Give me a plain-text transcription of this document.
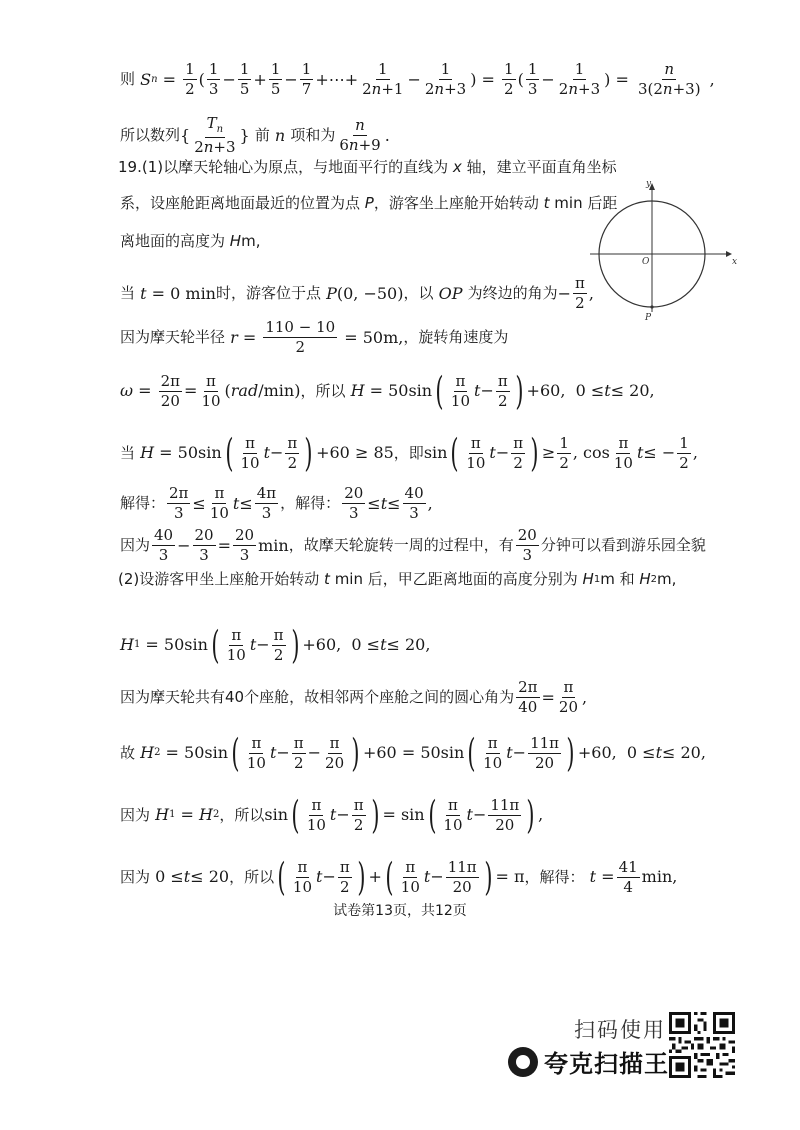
则
S $n = \frac{1}{2}$ ( $\frac{1}{3} - \frac{1}{5} + \frac{1}{5} - \frac{1}{7}$ +⋯+ $\frac{1}{2n+1} - \frac{1}{2n+3}$ ) = $\frac{1}{2}$ ( $\frac{1}{3} - \frac{1}{2n+3}$ ) = $\frac{n}{3(2n+3)}$ ,
所以数列 { $\frac{T_n}{2n+3}$ } 前
n
项和为 $\frac{n}{6n+9}$ .
19.(1)以摩天轮轴心为原点，与地面平行的直线为
x
轴，建立平面直角坐标
系，设座舱距离地面最近的位置为点
P ，游客坐上座舱开始转动
t min 后距
离地面的高度为
H m,
当
t = 0 min 时，游客位于点
P (0, −50) ，以
OP
为终边的角为 − $\frac{\pi}{2}$ ,
因为摩天轮半径
$r = \frac{110 - 10}{2} = 50m$, ，旋转角速度为
$\omega = \frac{2\pi}{20} = \frac{\pi}{10}$ ( rad /min) ，所以
H = 50sin ( $\frac{\pi}{10}$ $t - \frac{\pi}{2}$ ) +60,  0 ≤ t ≤ 20,
当
H = 50sin ( $\frac{\pi}{10}$ $t - \frac{\pi}{2}$ ) +60 ≥ 85 ，即 sin ( $\frac{\pi}{10}$ $t - \frac{\pi}{2}$ ) ≥ $\frac{1}{2}$ , $\cos \frac{\pi}{10}$ t ≤ − $\frac{1}{2}$ ,
解得： $\frac{2\pi}{3} \le \frac{\pi}{10}$ $t \le \frac{4\pi}{3}$ ，解得： $\frac{20}{3} \le t \le \frac{40}{3}$ ,
因为 $\frac{40}{3} - \frac{20}{3} = \frac{20}{3}$ min ，故摩天轮旋转一周的过程中，有 $\frac{20}{3}$ 分钟可以看到游乐园全貌
(2)设游客甲坐上座舱开始转动
t min 后，甲乙距离地面的高度分别为
H 1 m 和
H 2 m,
H 1 = 50sin ( $\frac{\pi}{10}$ $t - \frac{\pi}{2}$ ) +60,  0 ≤ t ≤ 20,
因为摩天轮共有40个座舱，故相邻两个座舱之间的圆心角为 $\frac{2\pi}{40} = \frac{\pi}{20}$ ,
故
H 2 = 50sin ( $\frac{\pi}{10}$ $t - \frac{\pi}{2} - \frac{\pi}{20}$ ) +60 = 50sin ( $\frac{\pi}{10}$ $t - \frac{11\pi}{20}$ ) +60,  0 ≤ t ≤ 20,
因为
H 1 = H 2 ，所以 sin ( $\frac{\pi}{10}$ $t - \frac{\pi}{2}$ ) = sin ( $\frac{\pi}{10}$ $t - \frac{11\pi}{20}$ ) ,
因为 0 ≤ t ≤ 20 ，所以 ( $\frac{\pi}{10}$ $t - \frac{\pi}{2}$ ) + ( $\frac{\pi}{10}$ $t - \frac{11\pi}{20}$ ) = π ，解得：
$t = \frac{41}{4} \min$,
y
x
O
P
试卷第13页，共12页
扫码使用
夸克扫描王
